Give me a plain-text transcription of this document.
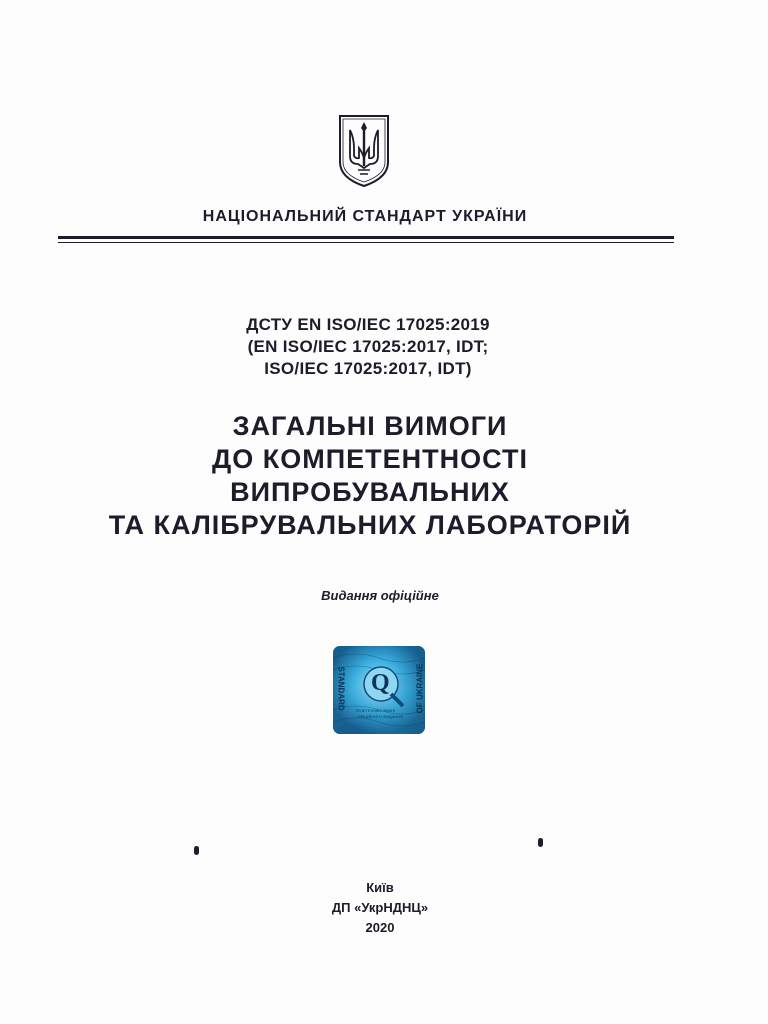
НАЦІОНАЛЬНИЙ СТАНДАРТ УКРАЇНИ
ДСТУ EN ISO/IEC 17025:2019
(EN ISO/IEC 17025:2017, IDT;
ISO/IEC 17025:2017, IDT)
ЗАГАЛЬНІ ВИМОГИ
ДО КОМПЕТЕНТНОСТІ
ВИПРОБУВАЛЬНИХ
ТА КАЛІБРУВАЛЬНИХ ЛАБОРАТОРІЙ
Видання офіційне
STANDARD	OF UKRAINE
Q
ТЕЛЕТЕХНІКУ ЯВАНІ
ОФІЦІЙНОГО ВИДАННЯ
Київ
ДП «УкрНДНЦ»
2020
